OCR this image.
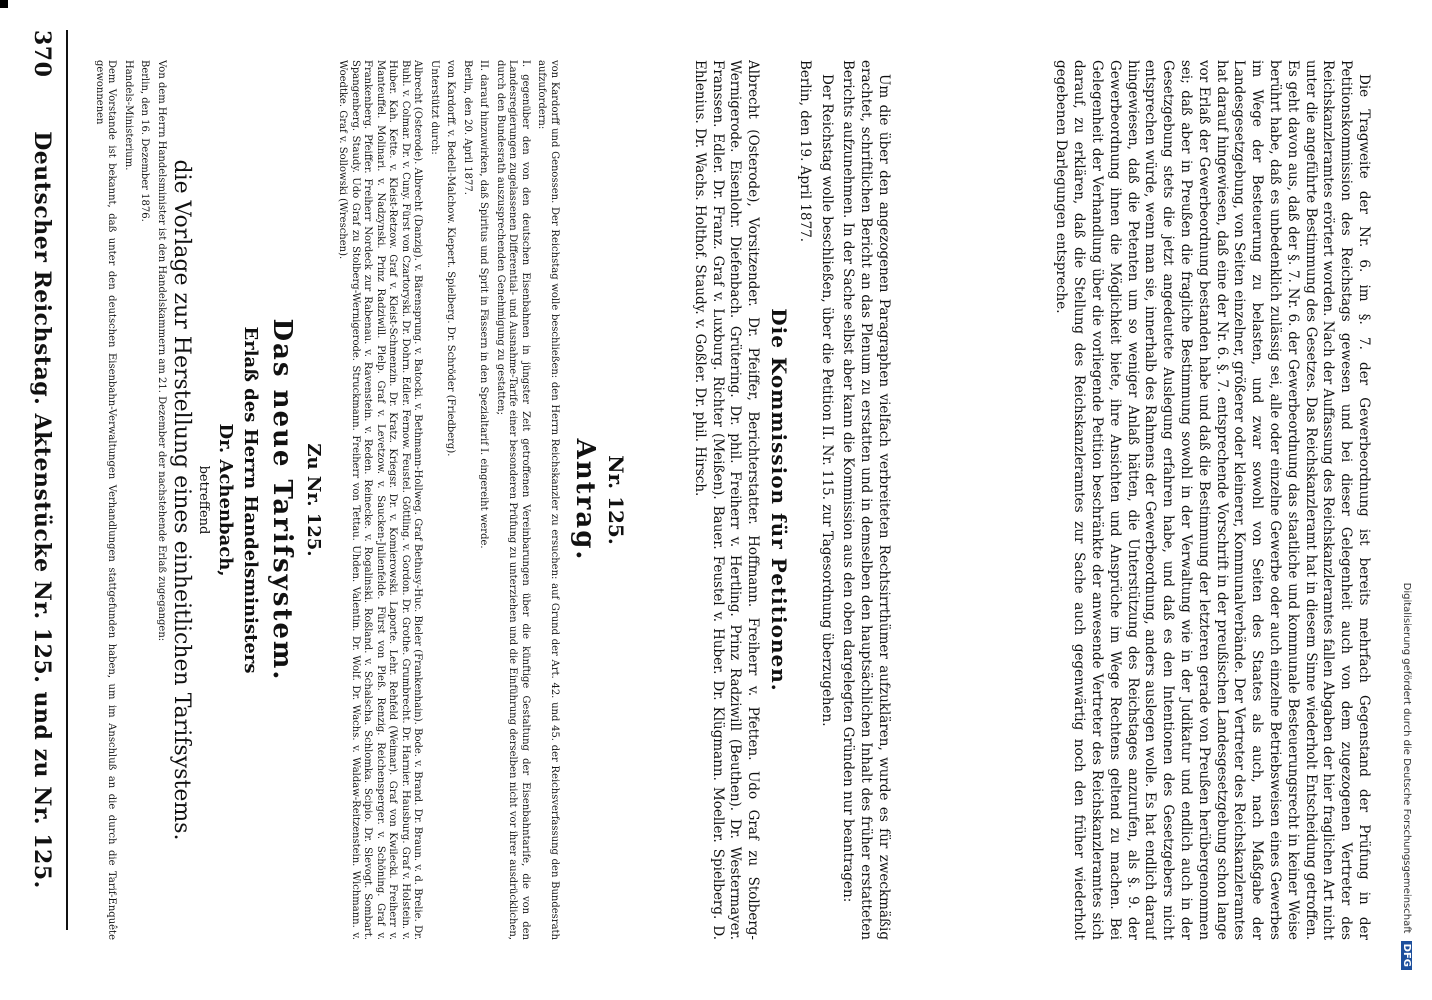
Digitalisierung gefördert durch die Deutsche Forschungsgemeinschaft DFG
370
Deutscher Reichstag. Aktenstücke Nr. 125. und zu Nr. 125.	Die Tragweite der Nr. 6. im §. 7. der Gewerbeordnung ist bereits mehrfach Gegenstand der Prüfung in der Petitionskommission des Reichstags gewesen und bei dieser Gelegenheit auch von dem zugezogenen Vertreter des Reichskanzleramtes erörtert worden. Nach der Auffassung des Reichskanzleramtes fallen Abgaben der hier fraglichen Art nicht unter die angeführte Bestimmung des Gesetzes. Das Reichskanzleramt hat in diesem Sinne wiederholt Entscheidung getroffen. Es geht davon aus, daß der §. 7. Nr. 6. der Gewerbeordnung das staatliche und kommunale Besteuerungsrecht in keiner Weise berührt habe, daß es unbedenklich zulässig sei, alle oder einzelne Gewerbe oder auch einzelne Betriebsweisen eines Gewerbes im Wege der Besteuerung zu belasten, und zwar sowohl von Seiten des Staates als auch, nach Maßgabe der Landesgesetzgebung, von Seiten einzelner, größerer oder kleinerer, Kommunalverbände. Der Vertreter des Reichskanzleramtes hat darauf hingewiesen, daß eine der Nr. 6. §. 7. entsprechende Vorschrift in der preußischen Landesgesetzgebung schon lange vor Erlaß der Gewerbeordnung bestanden habe und daß die Bestimmung der letzteren gerade von Preußen herübergenommen sei; daß aber in Preußen die fragliche Bestimmung sowohl in der Verwaltung wie in der Judikatur und endlich auch in der Gesetzgebung stets die jetzt angedeutete Auslegung erfahren habe, und daß es den Intentionen des Gesetzgebers nicht entsprechen würde, wenn man sie, innerhalb des Rahmens der Gewerbeordnung, anders auslegen wolle. Es hat endlich darauf hingewiesen, daß die Petenten um so weniger Anlaß hätten, die Unterstützung des Reichstages anzurufen, als §. 9. der Gewerbeordnung ihnen die Möglichkeit biete, ihre Ansichten und Ansprüche im Wege Rechtens geltend zu machen. Bei Gelegenheit der Verhandlung über die vorliegende Petition beschränkte der anwesende Vertreter des Reichskanzleramtes sich darauf, zu erklären, daß die Stellung des Reichskanzleramtes zur Sache auch gegenwärtig noch den früher wiederholt gegebenen Darlegungen entspreche.

Nr. 125.
Antrag.

von Kardorff und Genossen. Der Reichstag wolle beschließen: den Herrn Reichskanzler zu ersuchen: auf Grund der Art. 42. und 45. der Reichsverfassung den Bundesrath aufzufordern:

I. gegenüber den von den deutschen Eisenbahnen in jüngster Zeit getroffenen Vereinbarungen über die künftige Gestaltung der Eisenbahntarife, die von den Landesregierungen zugelassenen Differential- und Ausnahme-Tarife einer besonderen Prüfung zu unterziehen und die Einführung derselben nicht vor ihrer ausdrücklichen, durch den Bundesrath auszusprechenden Genehmigung zu gestatten;

II. darauf hinzuwirken, daß Spiritus und Sprit in Fässern in den Spezialtarif I. eingereiht werde.

Berlin, den 20. April 1877.

von Kardorff. v. Bedell-Malchow. Kiepert. Spielberg. Dr. Schröder (Friedberg).

Unterstützt durch:

Albrecht (Osterode). Albrecht (Danzig). v. Bärensprung. v. Batocki. v. Bethmann-Hollweg. Graf Bethusy-Huc. Bieler (Frankenhain). Bode. v. Brand. Dr. Braun. v. d. Brelie. Dr. Buhl. v. Colmar. Dr. v. Cuny. Fürst von Czartoryski. Dr. Dohrn. Edler. Fernow. Feustel. Göttling. v. Gordon. Dr. Grothe. Grumbrecht. Dr. Harnier. Hausburg. Graf v. Holstein. v. Huber. Kah. Kette. v. Kleist-Retzow. Graf v. Kleist-Schmenzin. Dr. Kratz. Kriegsr. Dr. v. Komierowski. Laporte. Lehr. Rehfeld (Weimar). Graf von Kwilecki. Freiherr v. Manteuffel. Molinari. v. Nadzynski. Prinz Radziwill. Plelp. Graf v. Levetzow. v. Saucken-Julienfelde. Fürst von Pleß. Renzig. Reichensperger. v. Schöning. Graf v. Frankenberg. Pfeiffer. Freiherr Nordeck zur Rabenau. v. Ravenstein. v. Reden. Reinecke. v. Rogalinski. Roßland. v. Schalscha. Schlomka. Scipio. Dr. Slevogt. Sombart. Spangenberg. Staudy. Udo Graf zu Stolberg-Wernigerode. Struckmann. Freiherr von Tettau. Uhden. Valentin. Dr. Wolf. Dr. Wachs. v. Waldaw-Reitzenstein. Wichmann. v. Woedtke. Graf v. Sollowski (Wreschen).
Zu Nr. 125.
Das neue Tarifsystem.
Erlaß des Herrn Handelsministers
Dr. Achenbach,
betreffend
die Vorlage zur Herstellung eines einheitlichen Tarifsystems.

Von dem Herrn Handelsminister ist den Handelskammern am 21. Dezember der nachstehende Erlaß zugegangen:

Berlin, den 16. Dezember 1876.

Handels-Ministerium.

Dem Vorstande ist bekannt, daß unter den deutschen Eisenbahn-Verwaltungen Verhandlungen stattgefunden haben, um im Anschluß an die durch die Tarif-Enquête gewonnenen	Um die über den angezogenen Paragraphen vielfach verbreiteten Rechtsirrthümer aufzuklären, wurde es für zweckmäßig erachtet, schriftlichen Bericht an das Plenum zu erstatten und in demselben den hauptsächlichen Inhalt des früher erstatteten Berichts aufzunehmen. In der Sache selbst aber kann die Kommission aus den oben dargelegten Gründen nur beantragen:

Der Reichstag wolle beschließen, über die Petition II. Nr. 115. zur Tagesordnung überzugehen.

Berlin, den 19. April 1877.

Die Kommission für Petitionen.

Albrecht (Osterode), Vorsitzender. Dr. Pfeiffer, Berichterstatter. Hoffmann. Freiherr v. Pfetten. Udo Graf zu Stolberg-Wernigerode. Eisenlohr. Diefenbach. Grütering. Dr. phil. Freiherr v. Hertling. Prinz Radziwill (Beuthen). Dr. Westermayer. Franssen. Edler. Dr. Franz. Graf v. Luxburg. Richter (Meißen). Bauer. Feustel v. Huber. Dr. Klügmann. Moeller. Spielberg. D. Ehlenius. Dr. Wachs. Holthof. Staudy. v. Goßler. Dr. phil. Hirsch.
